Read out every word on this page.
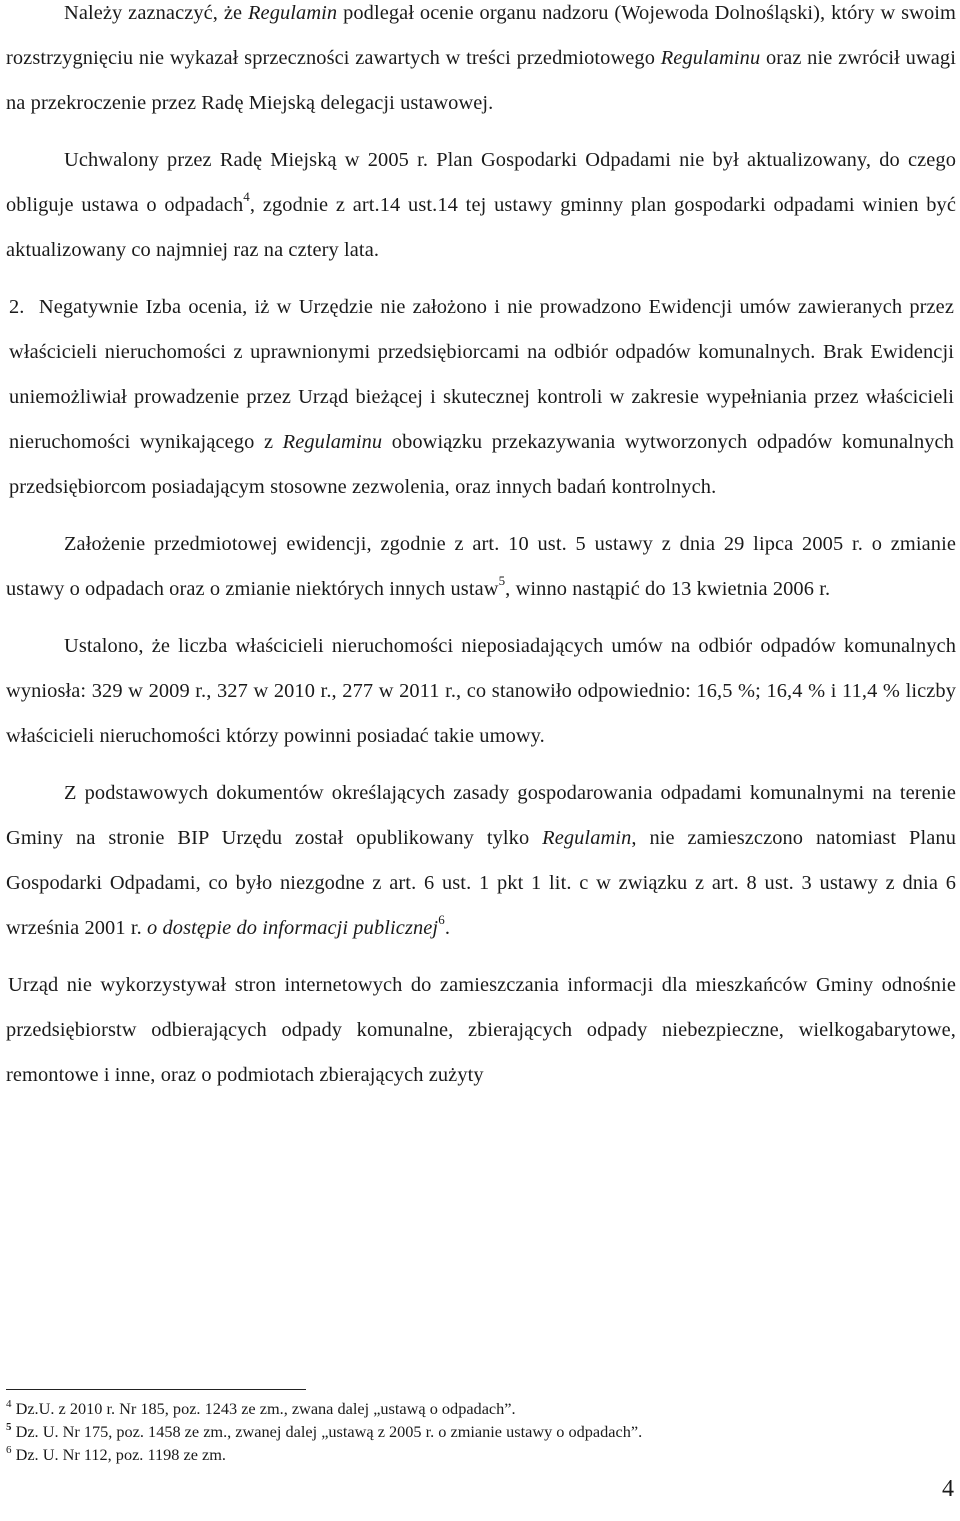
Należy zaznaczyć, że Regulamin podlegał ocenie organu nadzoru (Wojewoda Dolnośląski), który w swoim rozstrzygnięciu nie wykazał sprzeczności zawartych w treści przedmiotowego Regulaminu oraz nie zwrócił uwagi na przekroczenie przez Radę Miejską delegacji ustawowej.

Uchwalony przez Radę Miejską w 2005 r. Plan Gospodarki Odpadami nie był aktualizowany, do czego obliguje ustawa o odpadach$^4$, zgodnie z art.14 ust.14 tej ustawy gminny plan gospodarki odpadami winien być aktualizowany co najmniej raz na cztery lata.

2.  Negatywnie Izba ocenia, iż w Urzędzie nie założono i nie prowadzono Ewidencji umów zawieranych przez właścicieli nieruchomości z uprawnionymi przedsiębiorcami na odbiór odpadów komunalnych. Brak Ewidencji uniemożliwiał prowadzenie przez Urząd bieżącej i skutecznej kontroli w zakresie wypełniania przez właścicieli nieruchomości wynikającego z Regulaminu obowiązku przekazywania wytworzonych odpadów komunalnych przedsiębiorcom posiadającym stosowne zezwolenia, oraz innych badań kontrolnych.

Założenie przedmiotowej ewidencji, zgodnie z art. 10 ust. 5 ustawy z dnia 29 lipca 2005 r. o zmianie ustawy o odpadach oraz o zmianie niektórych innych ustaw$^5$, winno nastąpić do 13 kwietnia 2006 r.

Ustalono, że liczba właścicieli nieruchomości nieposiadających umów na odbiór odpadów komunalnych wyniosła: 329 w 2009 r., 327 w 2010 r., 277 w 2011 r., co stanowiło odpowiednio: 16,5 %; 16,4 % i 11,4 % liczby właścicieli nieruchomości którzy powinni posiadać takie umowy.

Z podstawowych dokumentów określających zasady gospodarowania odpadami komunalnymi na terenie Gminy na stronie BIP Urzędu został opublikowany tylko Regulamin, nie zamieszczono natomiast Planu Gospodarki Odpadami, co było niezgodne z art. 6 ust. 1 pkt 1 lit. c w związku z art. 8 ust. 3 ustawy z dnia 6 września 2001 r. o dostępie do informacji publicznej$^6$.

Urząd nie wykorzystywał stron internetowych do zamieszczania informacji dla mieszkańców Gminy odnośnie przedsiębiorstw odbierających odpady komunalne, zbierających odpady niebezpieczne, wielkogabarytowe, remontowe i inne, oraz o podmiotach zbierających zużyty

$^4$ Dz.U. z 2010 r. Nr 185, poz. 1243 ze zm., zwana dalej „ustawą o odpadach”.

$^5$ Dz. U. Nr 175, poz. 1458 ze zm., zwanej dalej „ustawą z 2005 r. o zmianie ustawy o odpadach”.

$^6$ Dz. U. Nr 112, poz. 1198 ze zm.

4
